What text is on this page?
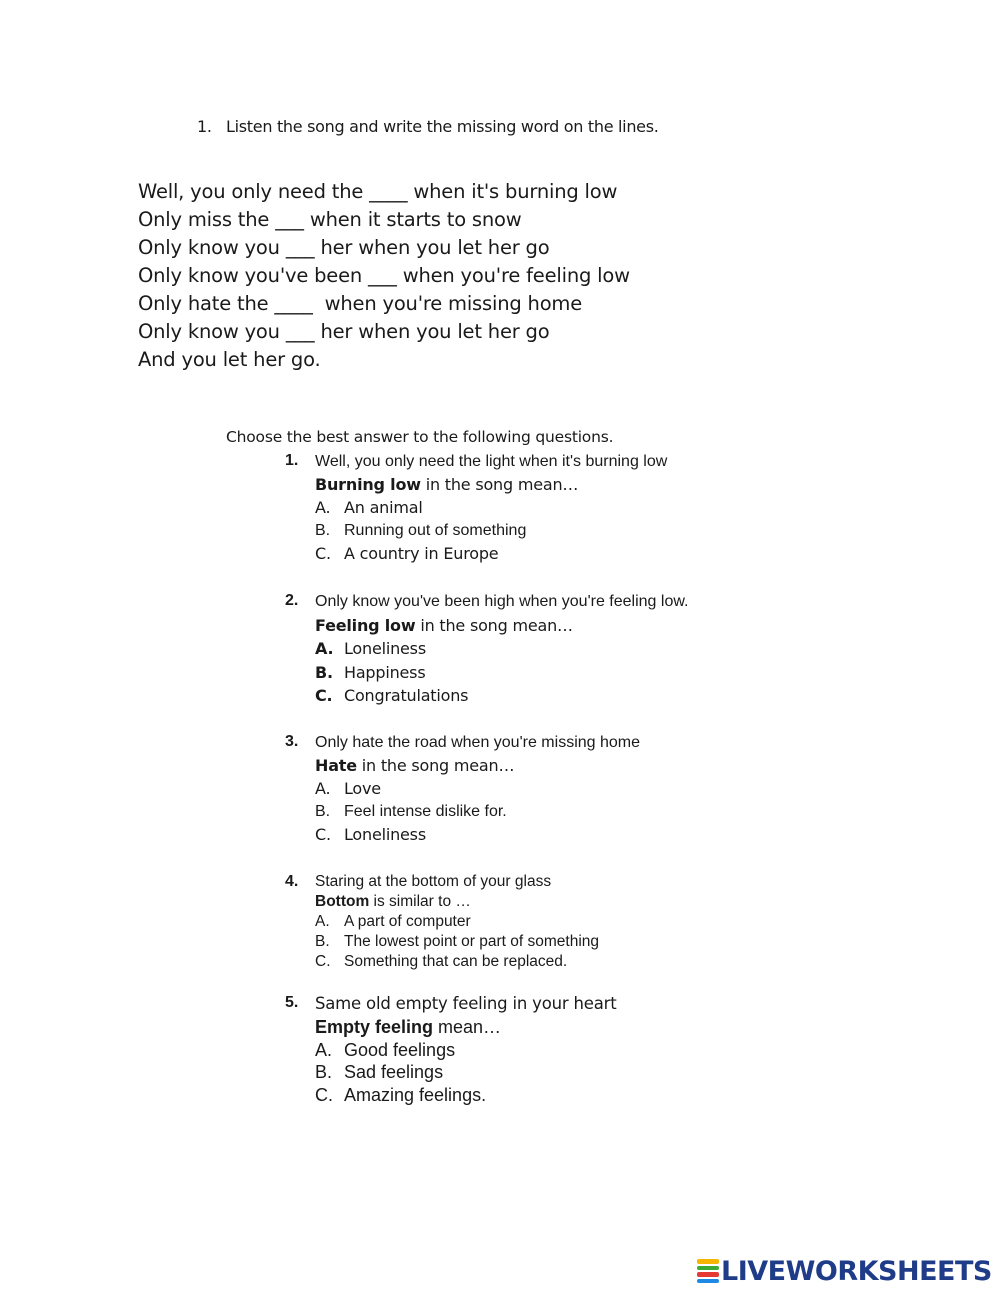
1. Listen the song and write the missing word on the lines.
Well, you only need the ____ when it's burning low
Only miss the ___ when it starts to snow
Only know you ___ her when you let her go
Only know you've been ___ when you're feeling low
Only hate the ____  when you're missing home
Only know you ___ her when you let her go
And you let her go.
Choose the best answer to the following questions.
1. Well, you only need the light when it's burning low
Burning low in the song mean…
A. An animal
B. Running out of something
C. A country in Europe
2. Only know you've been high when you're feeling low.
Feeling low in the song mean…
A. Loneliness
B. Happiness
C. Congratulations
3. Only hate the road when you're missing home
Hate in the song mean…
A. Love
B. Feel intense dislike for.
C. Loneliness
4. Staring at the bottom of your glass
Bottom is similar to …
A. A part of computer
B. The lowest point or part of something
C. Something that can be replaced.
5. Same old empty feeling in your heart
Empty feeling mean…
A. Good feelings
B. Sad feelings
C. Amazing feelings.
LIVEWORKSHEETS
